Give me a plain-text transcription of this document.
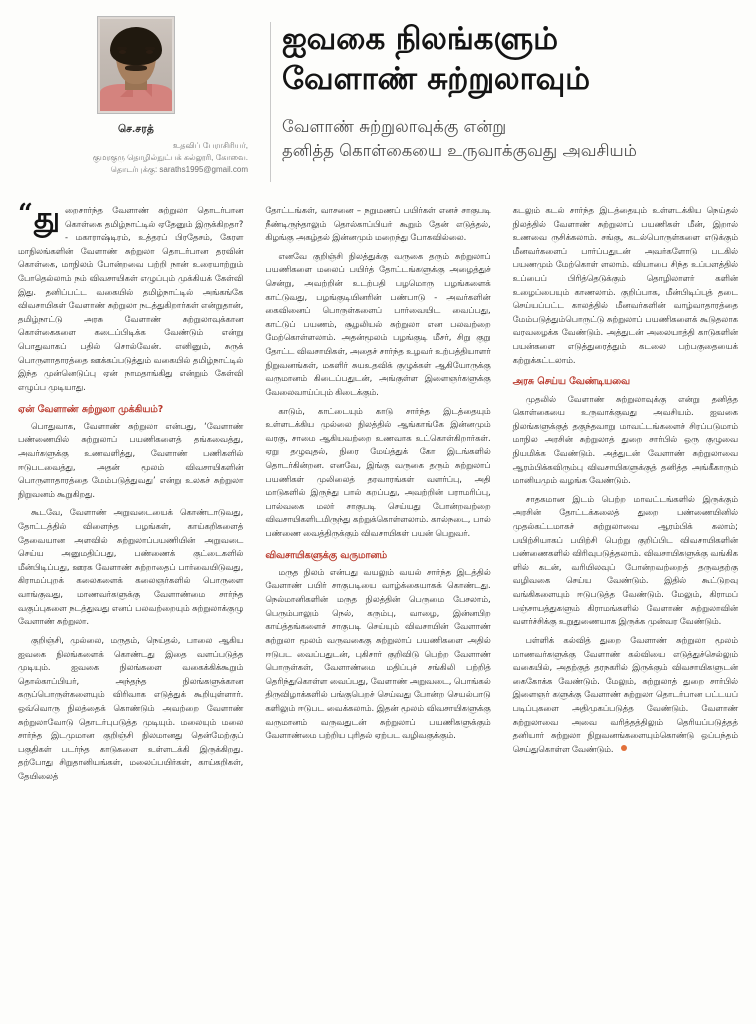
செ.சரத்
உதவிப் பேராசிரியர்,
குமரகுரு தொழில்நுட்பக் கல்லூரி, கோவை.
தொடர்புக்கு: saraths1995@gmail.com
ஐவகை நிலங்களும்
வேளாண் சுற்றுலாவும்
வேளாண் சுற்றுலாவுக்கு என்று
தனித்த கொள்கையை உருவாக்குவது அவசியம்

“ து றைசார்ந்த வேளாண் சுற்றுலா தொடர்பான கொள்கை தமிழ்நாட்டில் ஏதேனும் இருக்கிறதா? - மகாராஷ்டிரம், உத்தரப் பிரதேசம், கேரள மாநிலங்களின் வேளாண் சுற்றுலா தொடர்பான தரவின் கொள்கை, மாநிலம் போன்றவை பற்றி நான் உரையாற்றும் போதெல்லாம் நம் விவசாயிகள் எழுப்பும் முக்கியக் கேள்வி இது. தனிப்பட்ட வகையில் தமிழ்நாட்டில் அங்கங்கே விவசாயிகள் வேளாண் சுற்றுலா நடத்துகிறார்கள் என்றுதான், தமிழ்நாட்டு அரசு வேளாண் சுற்றுலாவுக்கான கொள்கைகளை கடைப்பிடிக்க வேண்டும் என்று பொதுவாகப் பதில் சொல்வேன். எனினும், சுருக் பொருளாதாரத்தை ஊக்கப்படுத்தும் வகையில் தமிழ்நாட்டில் இந்த முன்னெடுப்பு ஏன் நாமதாங்கிது என்றும் கேள்வி எழுப்ப முடியாது.

ஏன் வேளாண் சுற்றுலா முக்கியம்?

பொதுவாக, வேளாண் சுற்றுலா என்பது, ‘வேளாண் பண்ணையில் சுற்றுலாப் பயணிகளைத் தங்கவைத்து, அவர்களுக்கு உணவளித்து, வேளாண் பணிகளில் ஈடுபடவைத்து, அதன் மூலம் விவசாயிகளின் பொருளாதாரத்தை மேம்படுத்துவது’ என்று உலகச் சுற்றுலா நிறுவனம் கூறுகிறது.

கூடவே, வேளாண் அறுவடையைக் கொண்டாடுவது, தோட்டத்தில் விளைந்த பழங்கள், காய்கறிகளைத் தேவையான அளவில் சுற்றுலாப்பயணியின் அறுவடை செய்ய அனுமதிப்பது, பண்ணைக் குட்டைகளில் மீன்பிடிப்பது, ஊரக வேளாண் சுற்றாதைப் பார்வையிடுவது, கிராமப்புறக் கலைகளைக் கலைஞர்களில் பொருளை வாங்குவது, மாணவர்களுக்கு வேளாண்மை சார்ந்த வகுப்புகளை நடத்துவது எனப் பலவற்றையும் சுற்றுலாக்குழு வேளாண் சுற்றுலா.

குறிஞ்சி, முல்லை, மருதம், நெய்தல், பாலை ஆகிய ஐவகை நிலங்களைக் கொண்டது இதை வளப்படுத்த முடியும். ஐவகை நிலங்களை வகைக்கிக்கூறும் தொல்காப்பியர், அந்தந்த நிலங்களுக்கான கருப்பொருள்களையும் விரிவாக எடுத்துக் கூறியுள்ளார். ஒவ்வொரு நிலத்தைக் கொண்டும் அவற்றை வேளாண் சுற்றுலாவோடு தொடர்புபடுத்த முடியும். மலையும் மலை சார்ந்த இடமுமான குறிஞ்சி நிலமானது தென்மேற்குப் பகுதிகள் படர்ந்த காடுகளை உள்ளடக்கி இருக்கிறது. தற்போது சிறுதானியங்கள், மலைப்பயிர்கள், காய்கறிகள், தேயிலைத்

தோட்டங்கள், வாசனை – நறுமணப் பயிர்கள் எனச் சாகுபடி நீண்டிருந்தாலும் தொல்காப்பியர் கூறும் தேன் எடுத்தல், கிழங்கு அகழ்தல் இன்னமும் மறைந்து போகவில்லை.

எனவே குறிஞ்சி நிலத்துக்கு வருகை தரும் சுற்றுலாப் பயணிகளை மலைப் பயிர்த் தோட்டங்களுக்கு அழைத்துச் சென்று, அவற்றின் உடற்பதி பழமொரு பழங்களைக் காட்டுவது, பழங்குடியினரின் பண்பாடு - அவர்களின் கைவினைப் பொருள்களைப் பார்வையிட வைப்பது, காட்டுப் பயணம், சூழலியல் சுற்றுலா என பலவற்றை மேற்கொள்ளலாம். அதன்மூலம் பழங்குடி மீசர், சிறு குறு தோட்ட விவசாயிகள், அதைச் சார்ந்த உழவர் உற்பத்தியாளர் நிறுவனங்கள், மகளிர் சுயஉதவிக் குழுக்கள் ஆகியோருக்கு வருமானம் கிடைப்பதுடன், அங்குள்ள இளைஞர்களுக்கு வேலைவாய்ப்பும் கிடைக்கும்.

காடும், காட்டையும் காடு சார்ந்த இடத்தையும் உள்ளடக்கிய முல்லை நிலத்தில் ஆங்காங்கே இன்னமும் வரகு, சாமை ஆகியவற்றை உணவாக உட்கொள்கிறார்கள். ஏறு தழுவுதல், நிரை மேய்த்துக் கோ இடங்களில் தொடர்கின்றன. எனவே, இங்கு வருகை தரும் சுற்றுலாப் பயணிகள் முலிலைத் தரவாரங்கள் வளர்ப்பு, அதி மாடுகளில் இருந்து பால் கறப்பது, அவற்றின் பராமரிப்பு, பால்வகை மலர் சாகுபடி செய்யது போன்றவற்றை விவசாயிகளிடமிருந்து கற்றுக்கொள்ளலாம். கால்நடை, பால் பண்ணை வைத்திருக்கும் விவசாயிகள் பயன் பெறுவர்.

விவசாயிகளுக்கு வருமானம்

மருத நிலம் என்பது வயலும் வயல் சார்ந்த இடத்தில் வேளாண் பயிர் சாகுபடியை வாழ்க்கையாகக் கொண்டது. நெல்மானிகளின் மருத நிலத்தின் பெருமை பேசலாம், பெரும்பாலும் நெல், கரும்பு, வாழை, இன்னபிற காய்த்தங்களைச் சாகுபடி செய்யும் விவசாயின் வேளாண் சுற்றுலா மூலம் வருவகைகு சுற்றுலாப் பயணிகளை அதில் ஈடுபட வைப்பதுடன், புகிசார் குறிவிடு பெற்ற வேளாண் பொருள்கள், வேளாண்மை மதிப்புச் சங்கிலி பற்றித் தெரிந்துகொள்ள வைப்பது, வேளாண் அறுவடை, பொங்கல் திருவிழாக்களில் பங்குபெறச் செய்வது போன்ற செயல்பாடு களிலும் ஈடுபட வைக்கலாம். இதன் மூலம் விவசாயிகளுக்கு வருமானம் வருவதுடன் சுற்றுலாப் பயணிகளுக்கும் வேளாண்மை பற்றிய புரிதல் ஏற்பட வழிவகுக்கும்.

கடலும் கடல் சார்ந்த இடத்தையும் உள்ளடக்கிய நெய்தல் நிலத்தில் வேளாண் சுற்றுலாப் பயணிகள் மீன், இறால் உணவை ருசிக்கலாம். சங்கு, கடல்பொருள்களை எடுக்கும் மீனவர்களைப் பார்ப்பதுடன் அவர்களோடு படகில் பயணமும் மேற்கொள் ளலாம். வியாபை சிந்த உப்பளத்தில் உப்பைப் பிரித்தெடுக்கும் தொழிலாளர் களின் உழைப்பையும் காணலாம். குறிப்பாக, மீன்பிடிப்புத் தடை செய்யப்பட்ட காலத்தில் மீனவர்களின் வாழ்வாதாரத்தை மேம்படுத்தும்பொருட்டு சுற்றுலாப் பயணிகளைக் கூடுதலாக வரவழைக்க வேண்டும். அத்துடன் அலையாத்தி காடுகளின் பயன்களை எடுத்துரைத்தும் கடலை பற்பகுதையைக் கற்றுக்கட்டலாம்.

அரசு செய்ய வேண்டியவை

முதலில் வேளாண் சுற்றுலாவுக்கு என்று தனித்த கொள்கையை உருவாக்குவது அவசியம். ஐவகை நிலங்களுக்குத் தகுந்தவாறு மாவட்டங்களைச் சிரப்படுமாம் மாநில அரசின் சுற்றுலாத் துறை சார்பில் ஒரு குழுவை நியமிக்க வேண்டும். அத்துடன் வேளாண் சுற்றுலாவை ஆரம்பிக்கவிரும்பு விவசாயிகளுக்குத் தனித்த அங்கீகாரும் மானியமும் வழங்க வேண்டும்.

சாதகமான இடம் பெற்ற மாவட்டங்களில் இருக்கும் அரசின் தோட்டக்கலைத் துறை பண்ணையினில் முதல்கட்டமாகச் சுற்றுலாவை ஆரம்பிக் கலாம்; பயிற்சியாகப் பயிற்சி பெற்று குறிப்பிட விவசாயிகளின் பண்ணைகளில் விரிவுபடுத்தலாம். விவசாயிகளுக்கு வங்கிக ளில் கடன், வரியிலவுப் போன்றவற்றைத் தருவதற்கு வழிவகை செய்ய வேண்டும். இதில் கூட்டுறவு வங்கிகளையும் ஈடுபடுத்த வேண்டும். மேலும், கிராமப் பஞ்சாயத்துகளும் கிராமங்களில் வேளாண் சுற்றுலாவின் வளர்ச்சிக்கு உறுதுணையாக இருக்க முன்வர வேண்டும்.

பள்ளிக் கல்வித் துறை வேளாண் சுற்றுலா மூலம் மாணவர்களுக்கு வேளாண் கல்வியை எடுத்துச்செல்லும் வகையில், அதற்குத் தரநகரில் இருக்கும் விவசாயிகளுடன் கைகோக்க வேண்டும். மேலும், சுற்றுலாத் துறை சார்பில் இளைஞர் களுக்கு வேளாண் சுற்றுலா தொடர்பான பட்டயப் படிப்புகளை அதிமுகப்படுத்த வேண்டும். வேளாண் சுற்றுலாவை அவை வரித்தத்திலும் தெரியப்படுத்தத் தனியார் சுற்றுலா நிறுவனங்களையும்கொண்டு ஒப்பந்தம் செய்துகொள்ள வேண்டும்.
